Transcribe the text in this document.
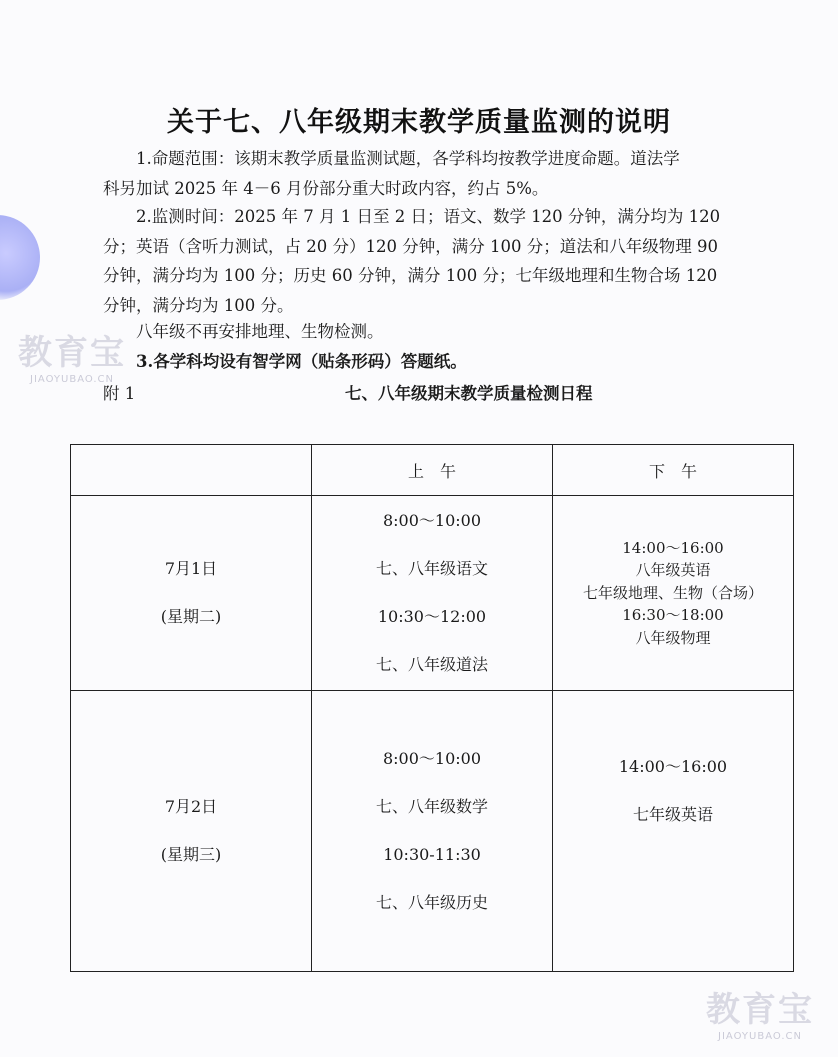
关于七、八年级期末教学质量监测的说明
1.命题范围：该期末教学质量监测试题，各学科均按教学进度命题。道法学
科另加试 2025 年 4－6 月份部分重大时政内容，约占 5%。
2.监测时间：2025 年 7 月 1 日至 2 日；语文、数学 120 分钟，满分均为 120
分；英语（含听力测试，占 20 分）120 分钟，满分 100 分；道法和八年级物理 90
分钟，满分均为 100 分；历史 60 分钟，满分 100 分；七年级地理和生物合场 120
分钟，满分均为 100 分。
八年级不再安排地理、生物检测。
3.各学科均设有智学网（贴条形码）答题纸。
附 1	七、八年级期末教学质量检测日程
	上　午	下　午

7月1日
(星期二)	8:00～10:00
七、八年级语文
10:30～12:00
七、八年级道法	14:00～16:00
八年级英语
七年级地理、生物（合场）
16:30～18:00
八年级物理

7月2日
(星期三)	8:00～10:00
七、八年级数学
10:30-11:30
七、八年级历史	14:00～16:00
七年级英语
教育宝
JIAOYUBAO.CN
教育宝
JIAOYUBAO.CN
